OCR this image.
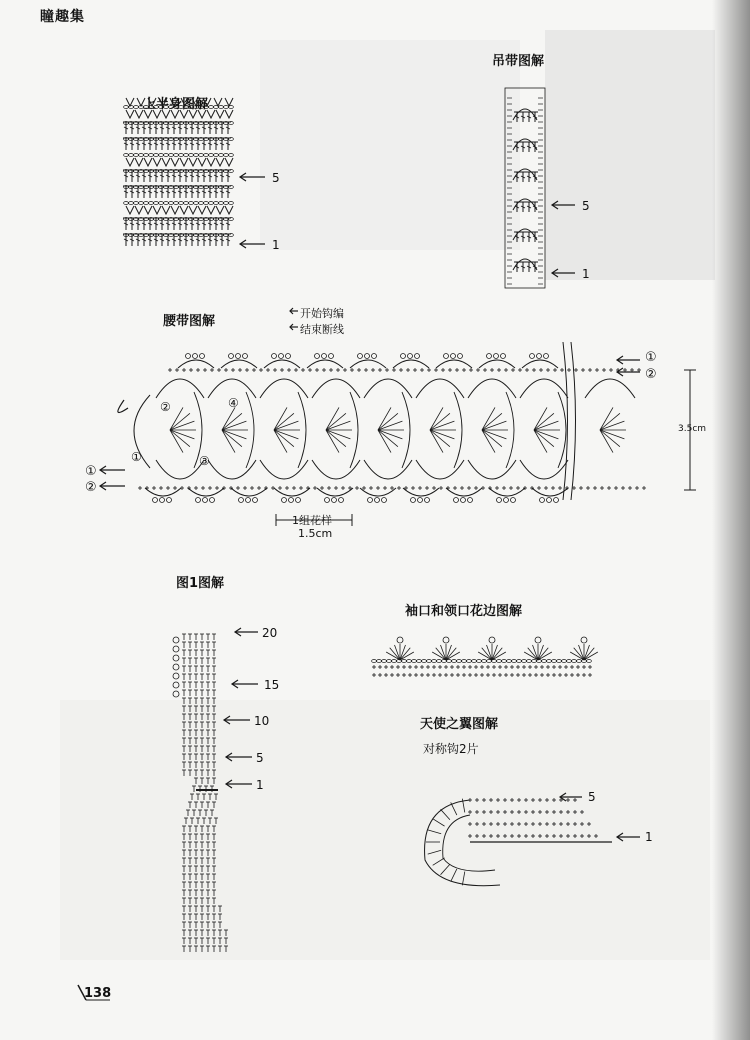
瞳趣集
上半身图解
吊带图解
腰带图解
开始钩编
结束断线
1组花样
1.5cm
3.5cm
图1图解
袖口和领口花边图解
天使之翼图解
对称钩2片
5
1
5
1
20
15
10
5
1
5
1
①
②
①
②
①
②
③
④
138
